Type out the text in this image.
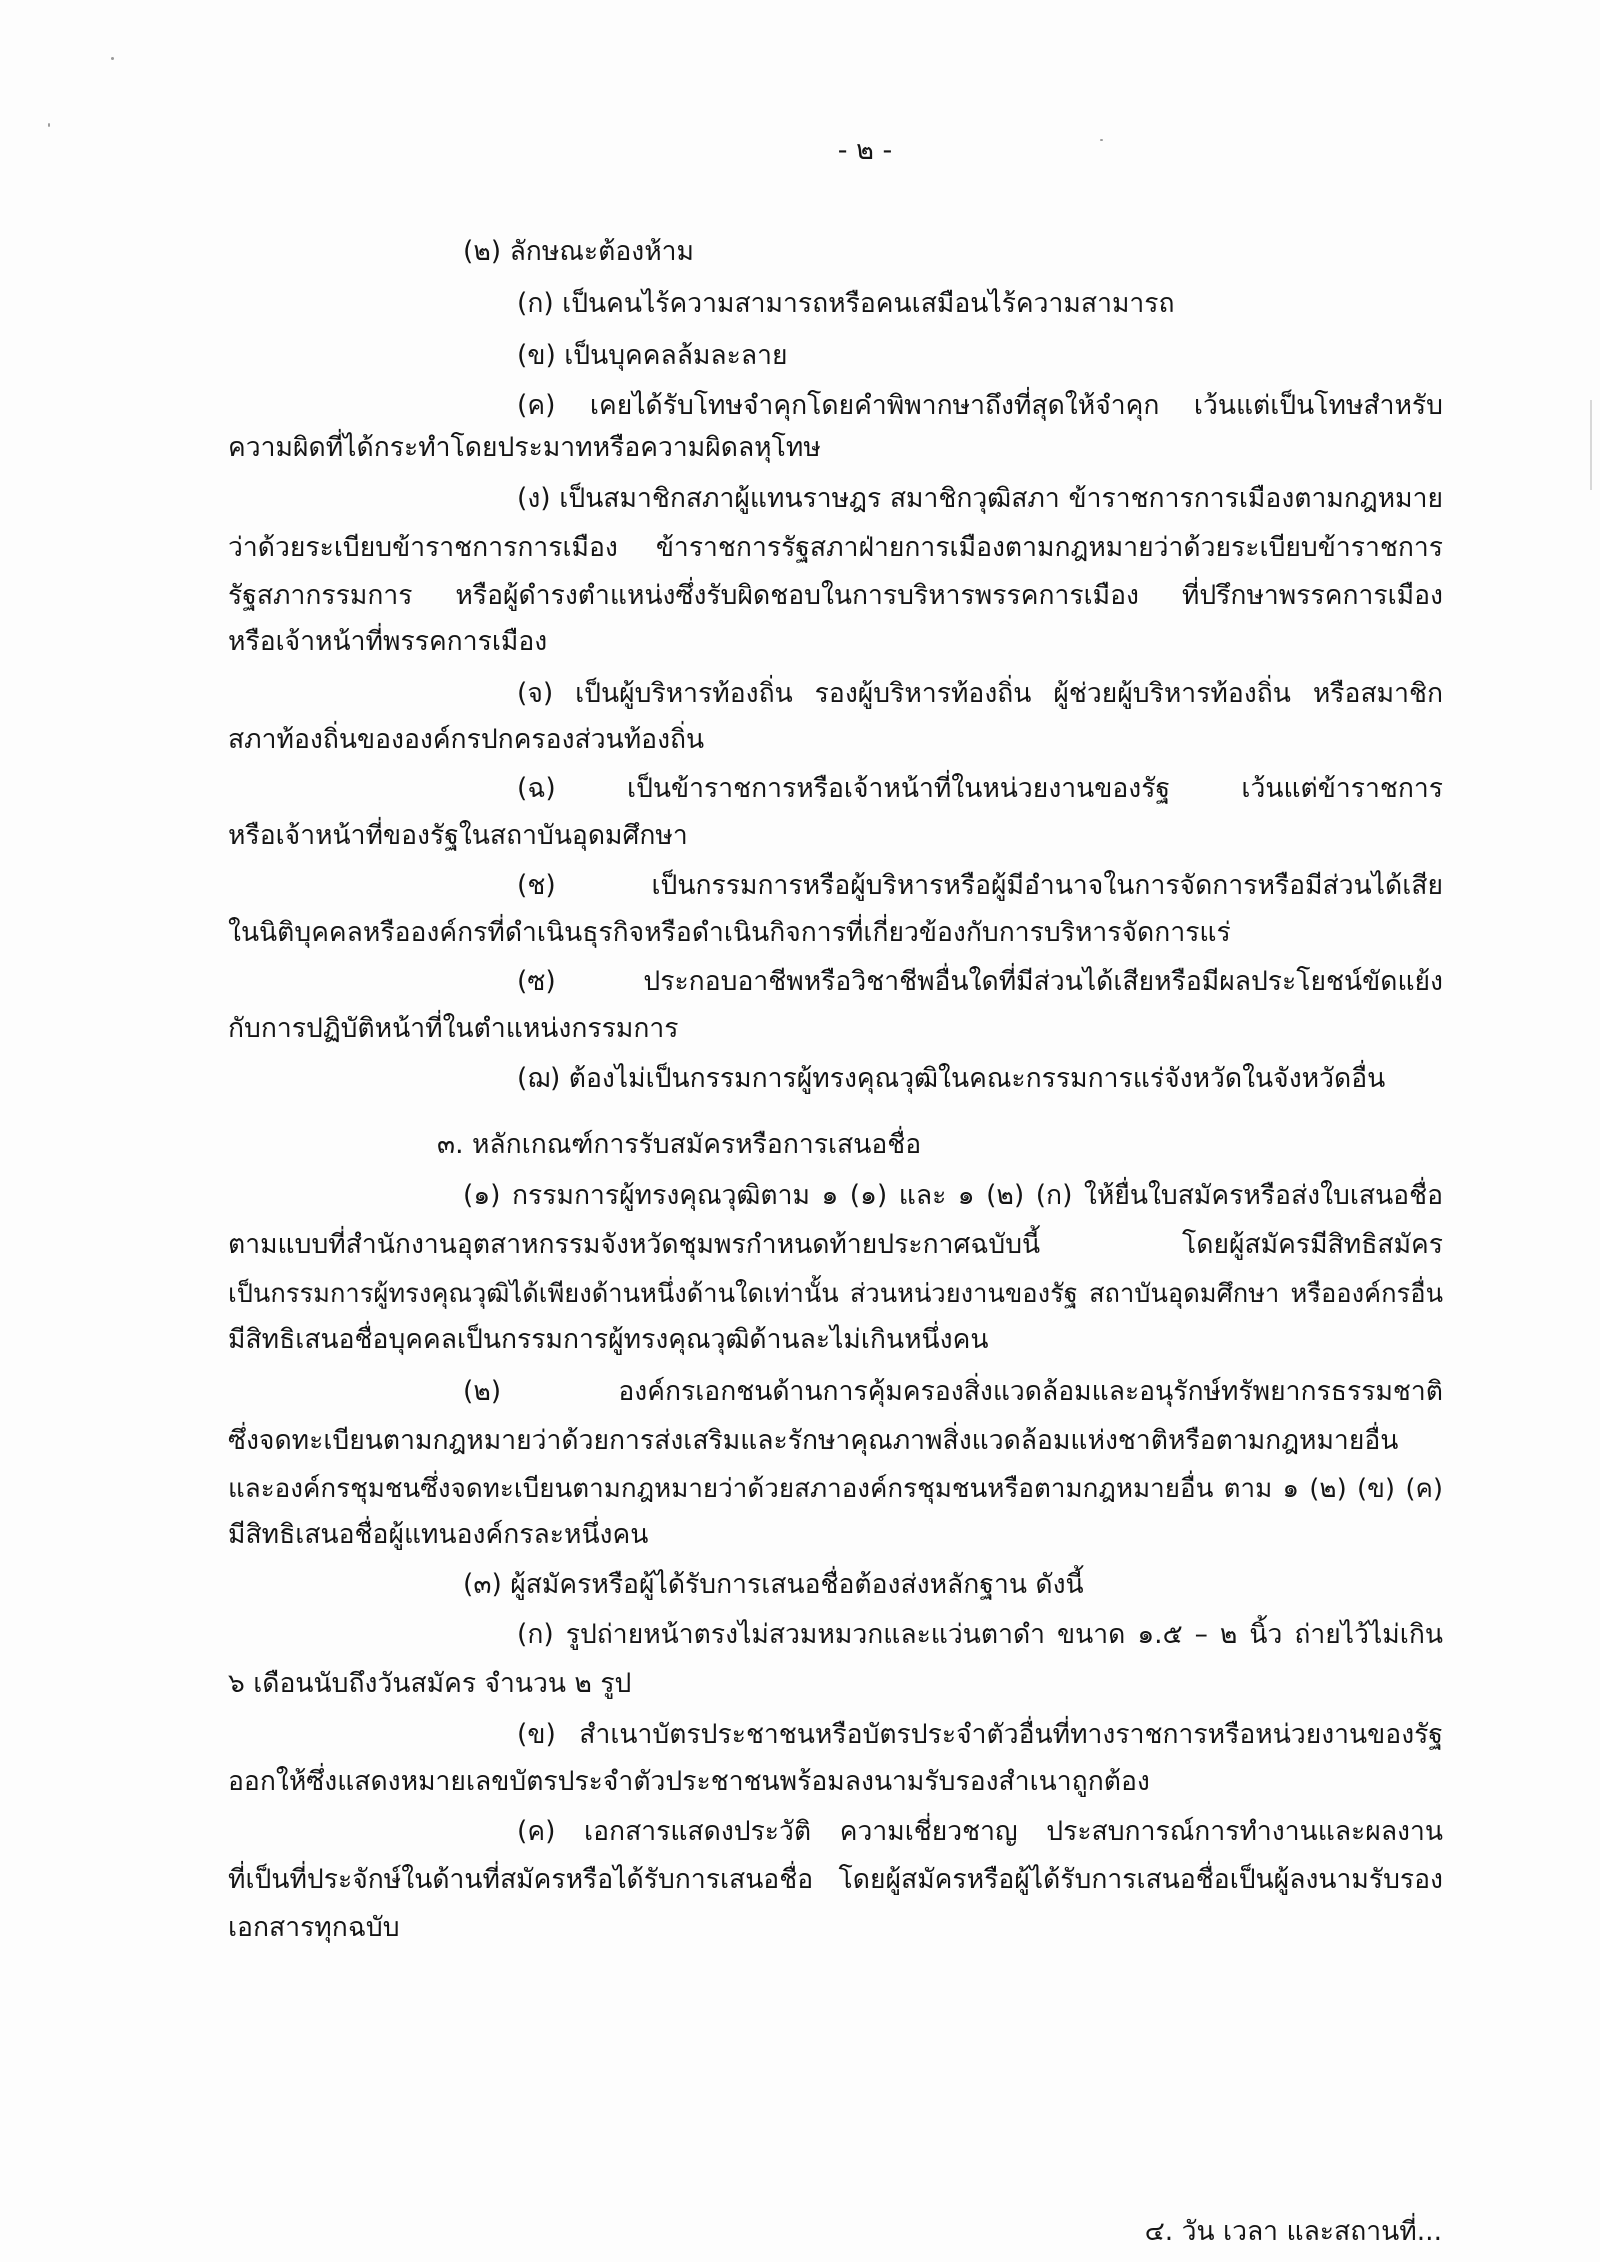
- ๒ -
(๒) ลักษณะต้องห้าม
(ก) เป็นคนไร้ความสามารถหรือคนเสมือนไร้ความสามารถ
(ข) เป็นบุคคลล้มละลาย
(ค) เคยได้รับโทษจำคุกโดยคำพิพากษาถึงที่สุดให้จำคุก เว้นแต่เป็นโทษสำหรับ
ความผิดที่ได้กระทำโดยประมาทหรือความผิดลหุโทษ
(ง) เป็นสมาชิกสภาผู้แทนราษฎร สมาชิกวุฒิสภา ข้าราชการการเมืองตามกฎหมาย
ว่าด้วยระเบียบข้าราชการการเมือง ข้าราชการรัฐสภาฝ่ายการเมืองตามกฎหมายว่าด้วยระเบียบข้าราชการ
รัฐสภากรรมการ หรือผู้ดำรงตำแหน่งซึ่งรับผิดชอบในการบริหารพรรคการเมือง ที่ปรึกษาพรรคการเมือง
หรือเจ้าหน้าที่พรรคการเมือง
(จ) เป็นผู้บริหารท้องถิ่น รองผู้บริหารท้องถิ่น ผู้ช่วยผู้บริหารท้องถิ่น หรือสมาชิก
สภาท้องถิ่นขององค์กรปกครองส่วนท้องถิ่น
(ฉ) เป็นข้าราชการหรือเจ้าหน้าที่ในหน่วยงานของรัฐ เว้นแต่ข้าราชการ
หรือเจ้าหน้าที่ของรัฐในสถาบันอุดมศึกษา
(ช) เป็นกรรมการหรือผู้บริหารหรือผู้มีอำนาจในการจัดการหรือมีส่วนได้เสีย
ในนิติบุคคลหรือองค์กรที่ดำเนินธุรกิจหรือดำเนินกิจการที่เกี่ยวข้องกับการบริหารจัดการแร่
(ซ) ประกอบอาชีพหรือวิชาชีพอื่นใดที่มีส่วนได้เสียหรือมีผลประโยชน์ขัดแย้ง
กับการปฏิบัติหน้าที่ในตำแหน่งกรรมการ
(ฌ) ต้องไม่เป็นกรรมการผู้ทรงคุณวุฒิในคณะกรรมการแร่จังหวัดในจังหวัดอื่น
๓. หลักเกณฑ์การรับสมัครหรือการเสนอชื่อ
(๑) กรรมการผู้ทรงคุณวุฒิตาม ๑ (๑) และ ๑ (๒) (ก) ให้ยื่นใบสมัครหรือส่งใบเสนอชื่อ
ตามแบบที่สำนักงานอุตสาหกรรมจังหวัดชุมพรกำหนดท้ายประกาศฉบับนี้ โดยผู้สมัครมีสิทธิสมัคร
เป็นกรรมการผู้ทรงคุณวุฒิได้เพียงด้านหนึ่งด้านใดเท่านั้น ส่วนหน่วยงานของรัฐ สถาบันอุดมศึกษา หรือองค์กรอื่น
มีสิทธิเสนอชื่อบุคคลเป็นกรรมการผู้ทรงคุณวุฒิด้านละไม่เกินหนึ่งคน
(๒) องค์กรเอกชนด้านการคุ้มครองสิ่งแวดล้อมและอนุรักษ์ทรัพยากรธรรมชาติ
ซึ่งจดทะเบียนตามกฎหมายว่าด้วยการส่งเสริมและรักษาคุณภาพสิ่งแวดล้อมแห่งชาติหรือตามกฎหมายอื่น
และองค์กรชุมชนซึ่งจดทะเบียนตามกฎหมายว่าด้วยสภาองค์กรชุมชนหรือตามกฎหมายอื่น ตาม ๑ (๒) (ข) (ค)
มีสิทธิเสนอชื่อผู้แทนองค์กรละหนึ่งคน
(๓) ผู้สมัครหรือผู้ได้รับการเสนอชื่อต้องส่งหลักฐาน ดังนี้
(ก) รูปถ่ายหน้าตรงไม่สวมหมวกและแว่นตาดำ ขนาด ๑.๕ – ๒ นิ้ว ถ่ายไว้ไม่เกิน
๖ เดือนนับถึงวันสมัคร จำนวน ๒ รูป
(ข) สำเนาบัตรประชาชนหรือบัตรประจำตัวอื่นที่ทางราชการหรือหน่วยงานของรัฐ
ออกให้ซึ่งแสดงหมายเลขบัตรประจำตัวประชาชนพร้อมลงนามรับรองสำเนาถูกต้อง
(ค) เอกสารแสดงประวัติ ความเชี่ยวชาญ ประสบการณ์การทำงานและผลงาน
ที่เป็นที่ประจักษ์ในด้านที่สมัครหรือได้รับการเสนอชื่อ โดยผู้สมัครหรือผู้ได้รับการเสนอชื่อเป็นผู้ลงนามรับรอง
เอกสารทุกฉบับ
๔. วัน เวลา และสถานที่...
